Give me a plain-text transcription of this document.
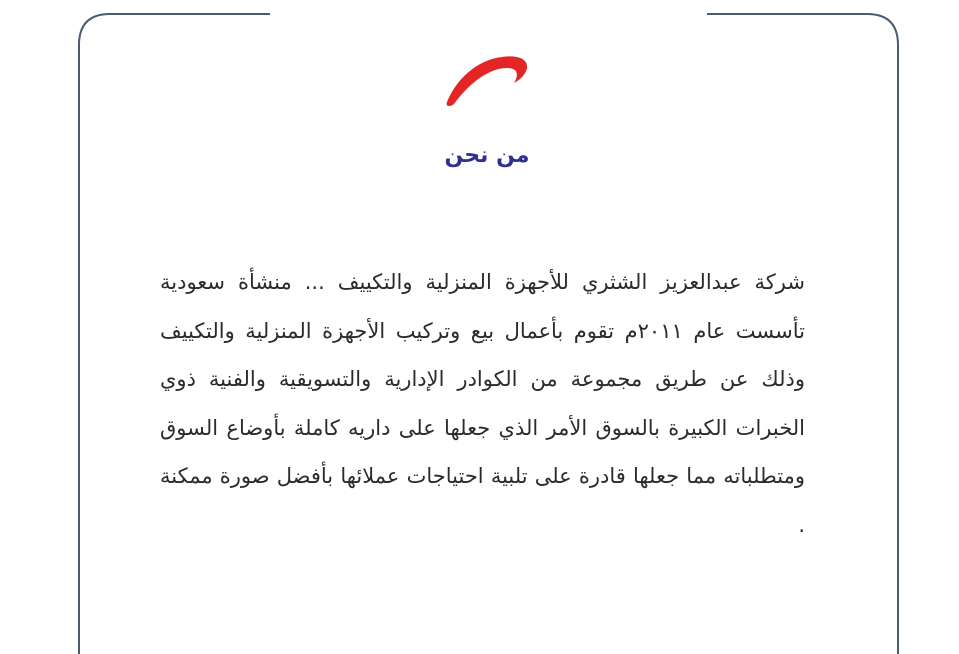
من نحن

شركة عبدالعزيز الشثري للأجهزة المنزلية والتكييف ... منشأة سعودية تأسست عام ٢٠١١م تقوم بأعمال بيع وتركيب الأجهزة المنزلية والتكييف وذلك عن طريق مجموعة من الكوادر الإدارية والتسويقية والفنية ذوي الخبرات الكبيرة بالسوق الأمر الذي جعلها على داريه كاملة بأوضاع السوق ومتطلباته مما جعلها قادرة على تلبية احتياجات عملائها بأفضل صورة ممكنة .
